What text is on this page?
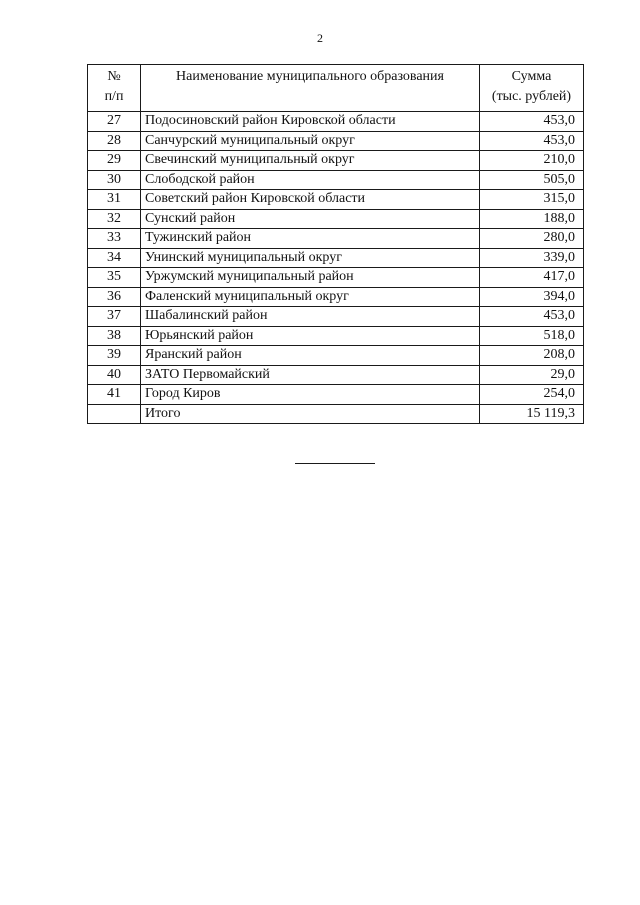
2
№
п/п	Наименование муниципального образования	Сумма
(тыс. рублей)

27	Подосиновский район Кировской области	453,0
28	Санчурский муниципальный округ	453,0
29	Свечинский муниципальный округ	210,0
30	Слободской район	505,0
31	Советский район Кировской области	315,0
32	Сунский район	188,0
33	Тужинский район	280,0
34	Унинский муниципальный округ	339,0
35	Уржумский муниципальный район	417,0
36	Фаленский муниципальный округ	394,0
37	Шабалинский район	453,0
38	Юрьянский район	518,0
39	Яранский район	208,0
40	ЗАТО Первомайский	29,0
41	Город Киров	254,0
	Итого	15 119,3
